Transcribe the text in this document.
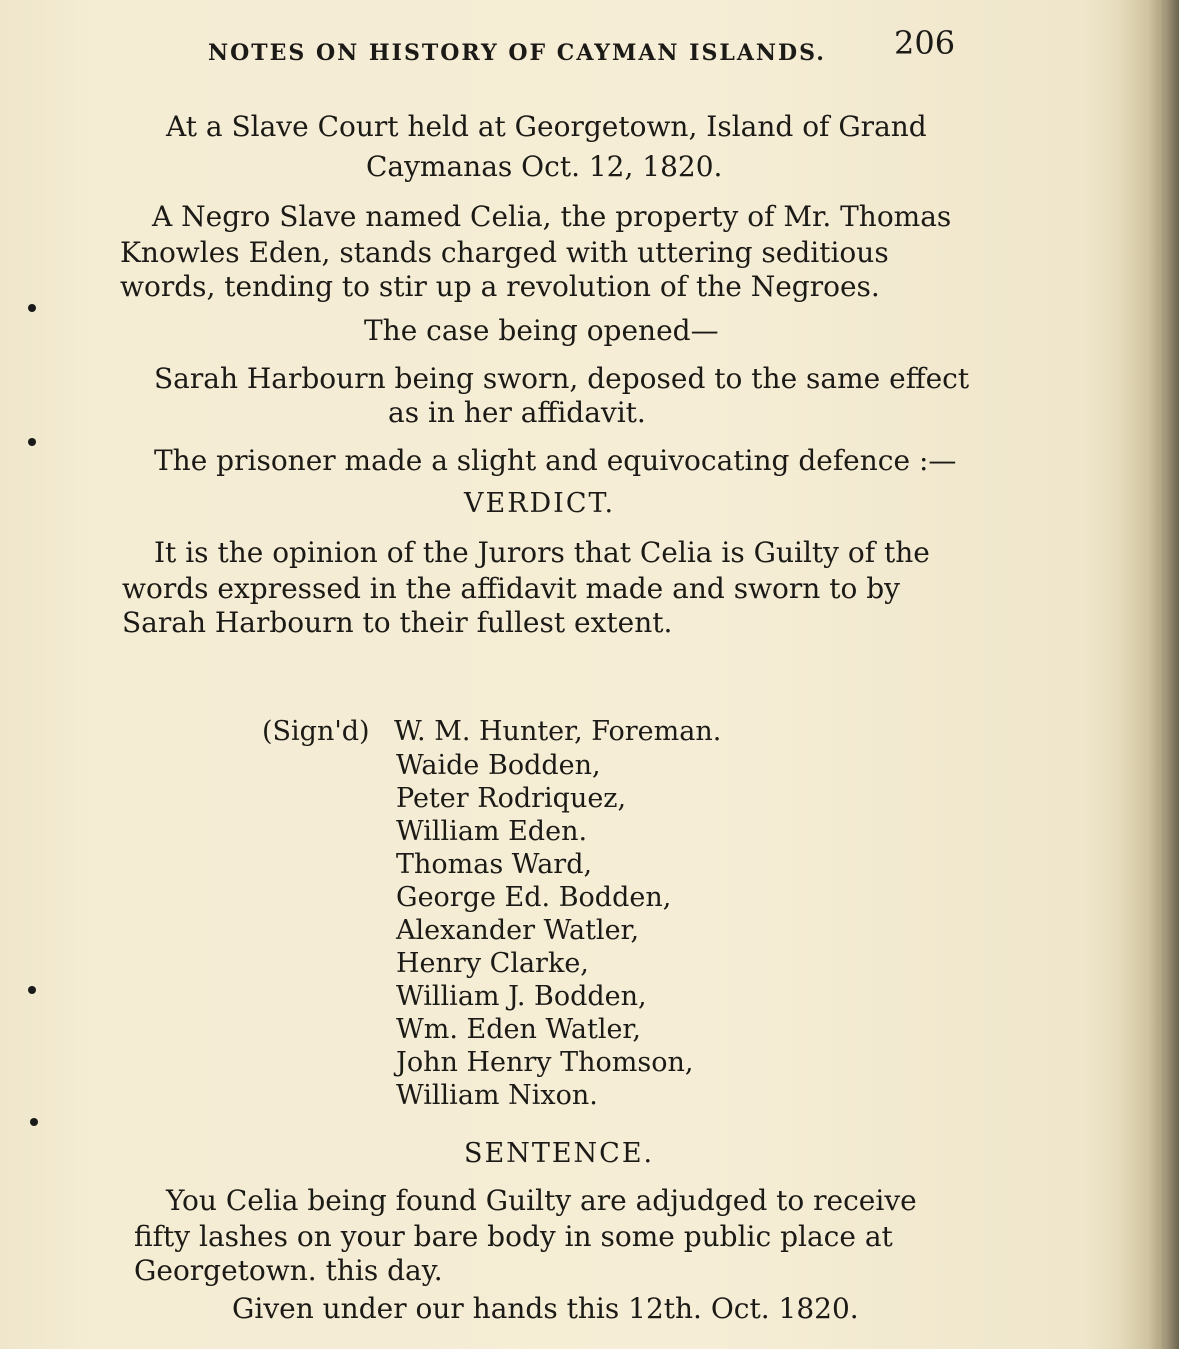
NOTES ON HISTORY OF CAYMAN ISLANDS. 206
At a Slave Court held at Georgetown, Island of Grand
Caymanas Oct. 12, 1820.
A Negro Slave named Celia, the property of Mr. Thomas
Knowles Eden, stands charged with uttering seditious
words, tending to stir up a revolution of the Negroes.
The case being opened—
Sarah Harbourn being sworn, deposed to the same effect
as in her affidavit.
The prisoner made a slight and equivocating defence :—
VERDICT.
It is the opinion of the Jurors that Celia is Guilty of the
words expressed in the affidavit made and sworn to by
Sarah Harbourn to their fullest extent.
(Sign'd) W. M. Hunter, Foreman.
Waide Bodden,
Peter Rodriquez,
William Eden.
Thomas Ward,
George Ed. Bodden,
Alexander Watler,
Henry Clarke,
William J. Bodden,
Wm. Eden Watler,
John Henry Thomson,
William Nixon.
SENTENCE.
You Celia being found Guilty are adjudged to receive
fifty lashes on your bare body in some public place at
Georgetown. this day.
Given under our hands this 12th. Oct. 1820.
